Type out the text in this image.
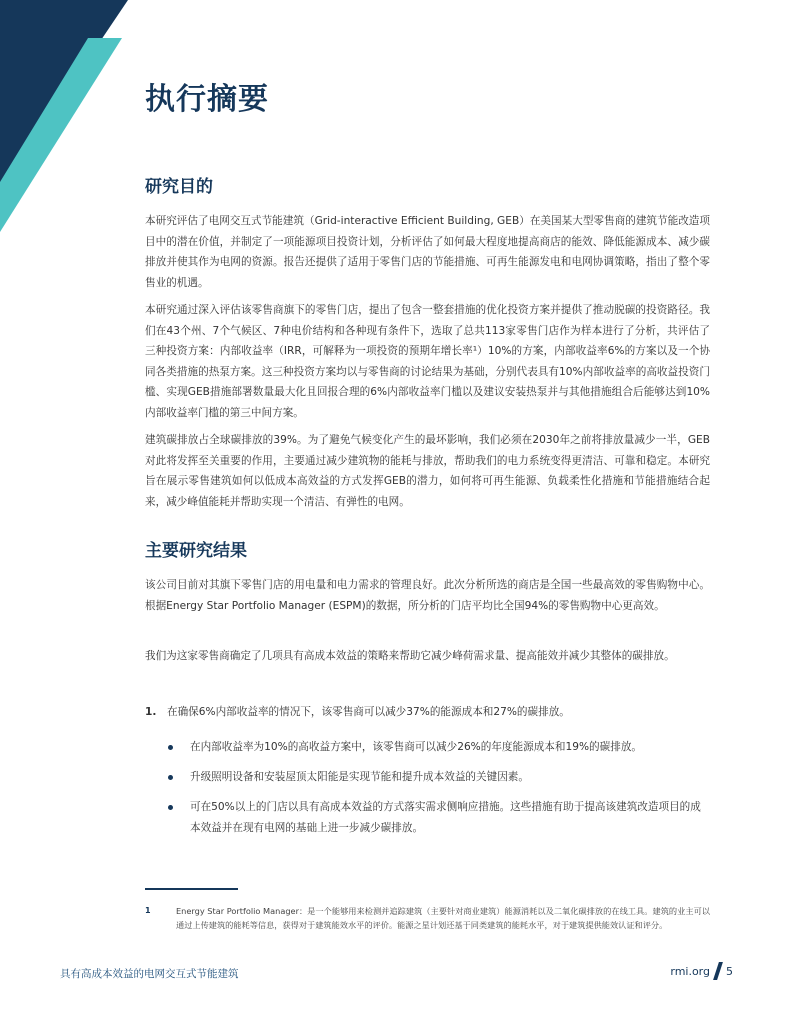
执行摘要
研究目的

本研究评估了电网交互式节能建筑（Grid-interactive Efficient Building, GEB）在美国某大型零售商的建筑节能改造项目中的潜在价值，并制定了一项能源项目投资计划，分析评估了如何最大程度地提高商店的能效、降低能源成本、减少碳排放并使其作为电网的资源。报告还提供了适用于零售门店的节能措施、可再生能源发电和电网协调策略，指出了整个零售业的机遇。

本研究通过深入评估该零售商旗下的零售门店，提出了包含一整套措施的优化投资方案并提供了推动脱碳的投资路径。我们在43个州、7个气候区、7种电价结构和各种现有条件下，选取了总共113家零售门店作为样本进行了分析，共评估了三种投资方案：内部收益率（IRR，可解释为一项投资的预期年增长率¹）10%的方案，内部收益率6%的方案以及一个协同各类措施的热泵方案。这三种投资方案均以与零售商的讨论结果为基础，分别代表具有10%内部收益率的高收益投资门槛、实现GEB措施部署数量最大化且回报合理的6%内部收益率门槛以及建议安装热泵并与其他措施组合后能够达到10%内部收益率门槛的第三中间方案。

建筑碳排放占全球碳排放的39%。为了避免气候变化产生的最坏影响，我们必须在2030年之前将排放量减少一半，GEB对此将发挥至关重要的作用，主要通过减少建筑物的能耗与排放，帮助我们的电力系统变得更清洁、可靠和稳定。本研究旨在展示零售建筑如何以低成本高效益的方式发挥GEB的潜力，如何将可再生能源、负载柔性化措施和节能措施结合起来，减少峰值能耗并帮助实现一个清洁、有弹性的电网。

主要研究结果

该公司目前对其旗下零售门店的用电量和电力需求的管理良好。此次分析所选的商店是全国一些最高效的零售购物中心。根据Energy Star Portfolio Manager (ESPM)的数据，所分析的门店平均比全国94%的零售购物中心更高效。

我们为这家零售商确定了几项具有高成本效益的策略来帮助它减少峰荷需求量、提高能效并减少其整体的碳排放。

1. 在确保6%内部收益率的情况下，该零售商可以减少37%的能源成本和27%的碳排放。
在内部收益率为10%的高收益方案中，该零售商可以减少26%的年度能源成本和19%的碳排放。
升级照明设备和安装屋顶太阳能是实现节能和提升成本效益的关键因素。
可在50%以上的门店以具有高成本效益的方式落实需求侧响应措施。这些措施有助于提高该建筑改造项目的成本效益并在现有电网的基础上进一步减少碳排放。
1	Energy Star Portfolio Manager：是一个能够用来检测并追踪建筑（主要针对商业建筑）能源消耗以及二氧化碳排放的在线工具。建筑的业主可以通过上传建筑的能耗等信息，获得对于建筑能效水平的评价。能源之星计划还基于同类建筑的能耗水平，对于建筑提供能效认证和评分。

具有高成本效益的电网交互式节能建筑	rmi.org 5
